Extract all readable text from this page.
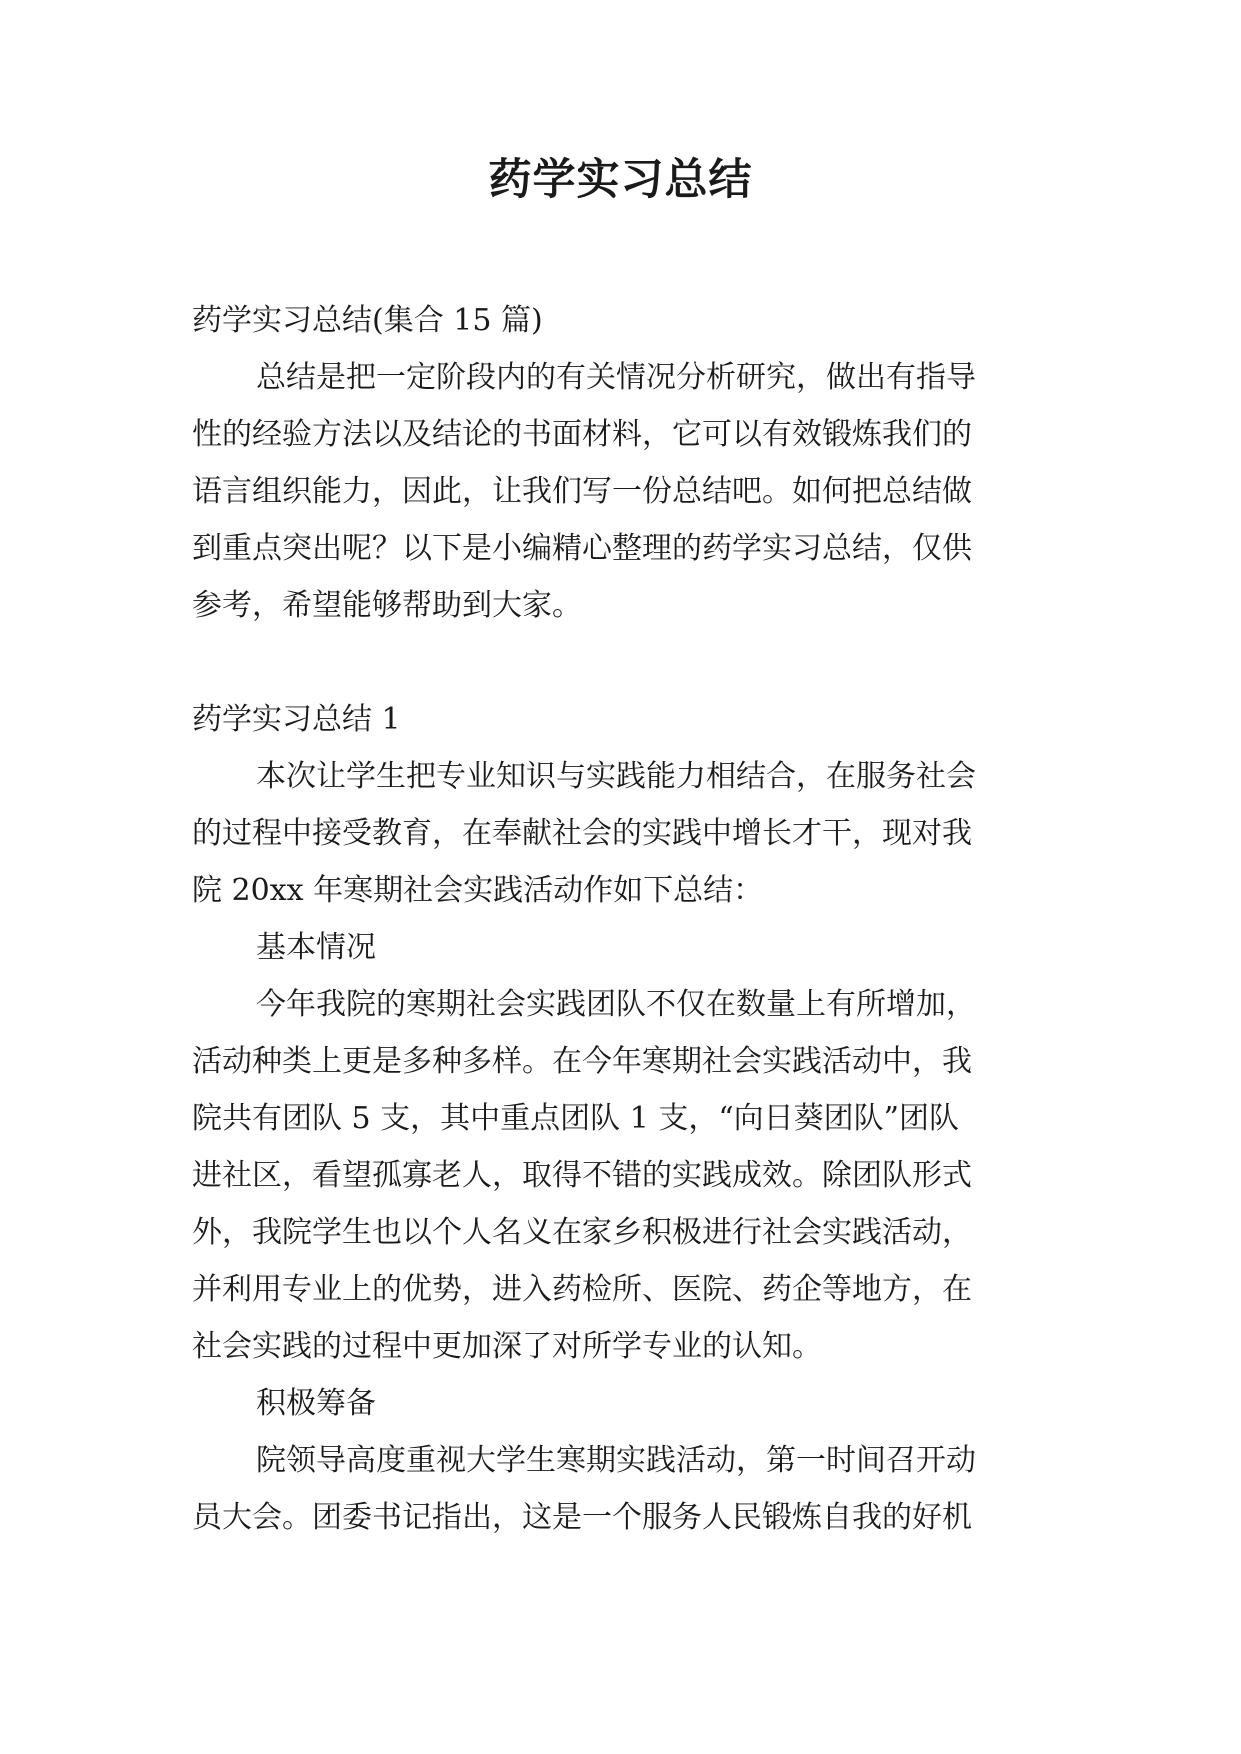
药学实习总结

药学实习总结(集合 15 篇)

总结是把一定阶段内的有关情况分析研究，做出有指导

性的经验方法以及结论的书面材料，它可以有效锻炼我们的

语言组织能力，因此，让我们写一份总结吧。如何把总结做

到重点突出呢？以下是小编精心整理的药学实习总结，仅供

参考，希望能够帮助到大家。

药学实习总结 1

本次让学生把专业知识与实践能力相结合，在服务社会

的过程中接受教育，在奉献社会的实践中增长才干，现对我

院 20xx 年寒期社会实践活动作如下总结：

基本情况

今年我院的寒期社会实践团队不仅在数量上有所增加，

活动种类上更是多种多样。在今年寒期社会实践活动中，我

院共有团队 5 支，其中重点团队 1 支，“向日葵团队”团队

进社区，看望孤寡老人，取得不错的实践成效。除团队形式

外，我院学生也以个人名义在家乡积极进行社会实践活动，

并利用专业上的优势，进入药检所、医院、药企等地方，在

社会实践的过程中更加深了对所学专业的认知。

积极筹备

院领导高度重视大学生寒期实践活动，第一时间召开动

员大会。团委书记指出，这是一个服务人民锻炼自我的好机
